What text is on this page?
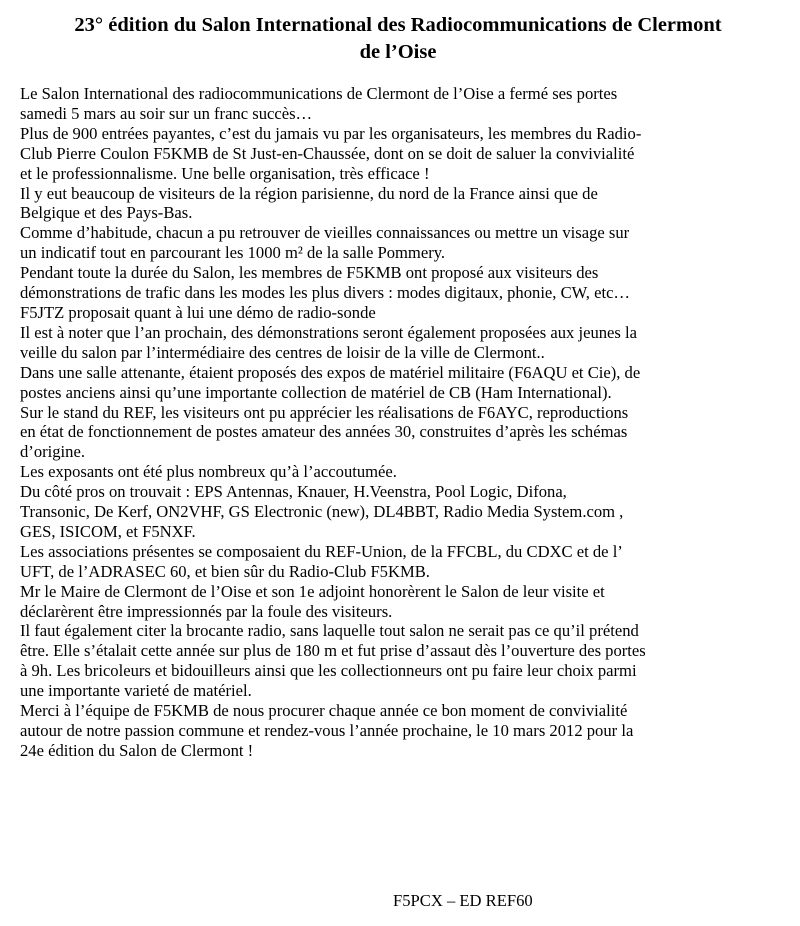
23° édition du Salon International des Radiocommunications de Clermont
de l’Oise

Le Salon International des radiocommunications de Clermont de l’Oise a fermé ses portes
samedi 5 mars au soir sur un franc succès…

Plus de 900 entrées payantes, c’est du jamais vu par les organisateurs, les membres du Radio-
Club Pierre Coulon F5KMB de St Just-en-Chaussée, dont on se doit de saluer la convivialité
et le professionnalisme. Une belle organisation, très efficace !

Il y eut beaucoup de visiteurs de la région parisienne, du nord de la France ainsi que de
Belgique et des Pays-Bas.

Comme d’habitude, chacun a pu retrouver de vieilles connaissances ou mettre un visage sur
un indicatif tout en parcourant les 1000 m² de la salle Pommery.

Pendant toute la durée du Salon, les membres de F5KMB ont proposé aux visiteurs des
démonstrations de trafic dans les modes les plus divers : modes digitaux, phonie, CW, etc…

F5JTZ proposait quant à lui une démo de radio-sonde

Il est à noter que l’an prochain, des démonstrations seront également proposées aux jeunes la
veille du salon par l’intermédiaire des centres de loisir de la ville de Clermont..

Dans une salle attenante, étaient proposés des expos de matériel militaire (F6AQU et Cie), de
postes anciens ainsi qu’une importante collection de matériel de CB (Ham International).

Sur le stand du REF, les visiteurs ont pu apprécier les réalisations de F6AYC, reproductions
en état de fonctionnement de postes amateur des années 30, construites d’après les schémas
d’origine.

Les exposants ont été plus nombreux qu’à l’accoutumée.

Du côté pros on trouvait : EPS Antennas, Knauer, H.Veenstra, Pool Logic, Difona,
Transonic, De Kerf, ON2VHF, GS Electronic (new), DL4BBT, Radio Media System.com ,
GES, ISICOM, et F5NXF.

Les associations présentes se composaient du REF-Union, de la FFCBL, du CDXC et de l’
UFT, de l’ADRASEC 60, et bien sûr du Radio-Club F5KMB.

Mr le Maire de Clermont de l’Oise et son 1e adjoint honorèrent le Salon de leur visite et
déclarèrent être impressionnés par la foule des visiteurs.

Il faut également citer la brocante radio, sans laquelle tout salon ne serait pas ce qu’il prétend
être. Elle s’étalait cette année sur plus de 180 m et fut prise d’assaut dès l’ouverture des portes
à 9h. Les bricoleurs et bidouilleurs ainsi que les collectionneurs ont pu faire leur choix parmi
une importante varieté de matériel.

Merci à l’équipe de F5KMB de nous procurer chaque année ce bon moment de convivialité
autour de notre passion commune et rendez-vous l’année prochaine, le 10 mars 2012 pour la
24e édition du Salon de Clermont !

F5PCX – ED REF60
